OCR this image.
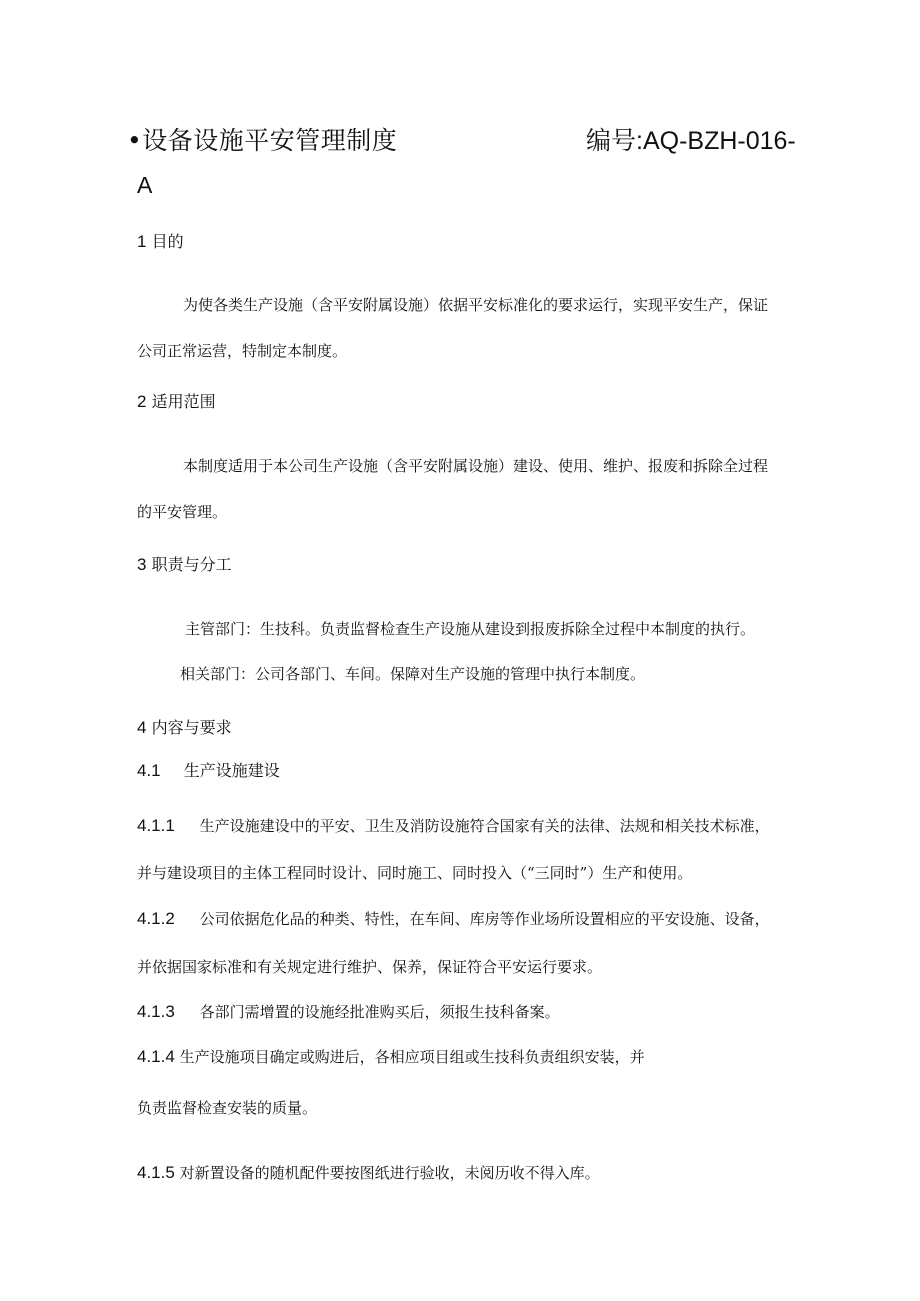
•设备设施平安管理制度	编号:AQ-BZH-016-
A
1 目的
为使各类生产设施（含平安附属设施）依据平安标准化的要求运行，实现平安生产，保证
公司正常运营，特制定本制度。
2 适用范围
本制度适用于本公司生产设施（含平安附属设施）建设、使用、维护、报废和拆除全过程
的平安管理。
3 职责与分工
主管部门：生技科。负责监督检查生产设施从建设到报废拆除全过程中本制度的执行。
相关部门：公司各部门、车间。保障对生产设施的管理中执行本制度。
4 内容与要求
4.1 生产设施建设
4.1.1 生产设施建设中的平安、卫生及消防设施符合国家有关的法律、法规和相关技术标准，
并与建设项目的主体工程同时设计、同时施工、同时投入（“三同时”）生产和使用。
4.1.2 公司依据危化品的种类、特性，在车间、库房等作业场所设置相应的平安设施、设备，
并依据国家标准和有关规定进行维护、保养，保证符合平安运行要求。
4.1.3 各部门需增置的设施经批准购买后，须报生技科备案。
4.1.4 生产设施项目确定或购进后，各相应项目组或生技科负责组织安装，并
负责监督检查安装的质量。
4.1.5 对新置设备的随机配件要按图纸进行验收，未阅历收不得入库。
